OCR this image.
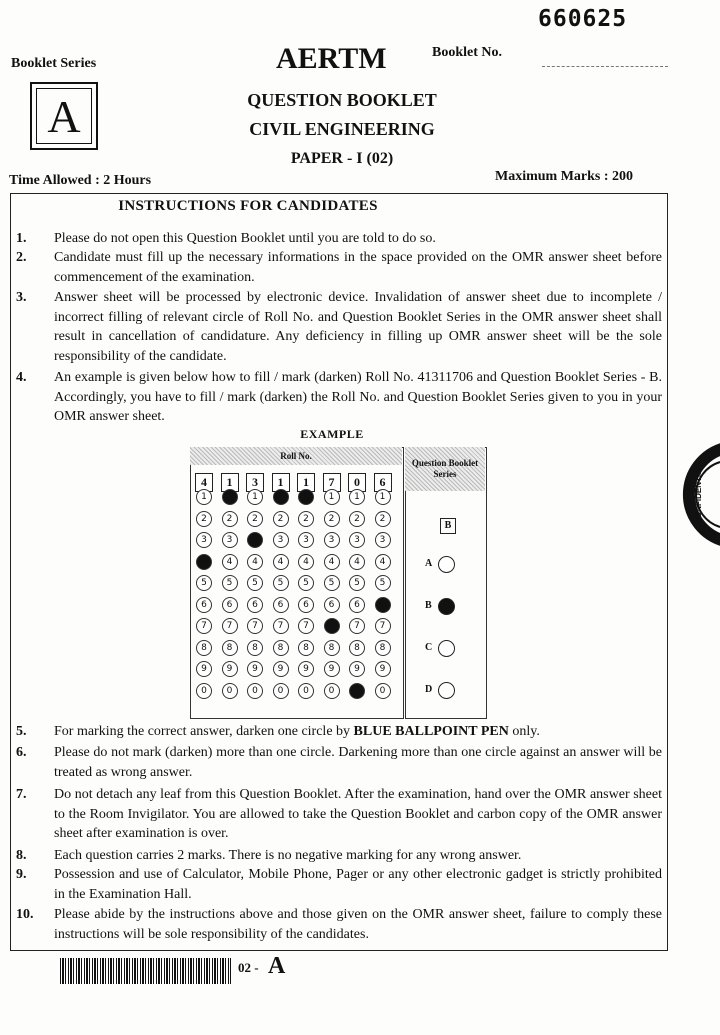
660625
Booklet Series	AERTM	Booklet No.
A	QUESTION BOOKLET
CIVIL ENGINEERING
PAPER - I (02)
Time Allowed : 2 Hours	Maximum Marks : 200
INSTRUCTIONS FOR CANDIDATES
1. Please do not open this Question Booklet until you are told to do so.
2. Candidate must fill up the necessary informations in the space provided on the OMR answer sheet before commencement of the examination.
3. Answer sheet will be processed by electronic device. Invalidation of answer sheet due to incomplete / incorrect filling of relevant circle of Roll No. and Question Booklet Series in the OMR answer sheet shall result in cancellation of candidature. Any deficiency in filling up OMR answer sheet will be the sole responsibility of the candidate.
4. An example is given below how to fill / mark (darken) Roll No. 41311706 and Question Booklet Series - B. Accordingly, you have to fill / mark (darken) the Roll No. and Question Booklet Series given to you in your OMR answer sheet.
EXAMPLE
Roll No.
4
1
2
3
4
5
6
7
8
9
0
1
1
2
3
4
5
6
7
8
9
0
3
1
2
3
4
5
6
7
8
9
0
1
1
2
3
4
5
6
7
8
9
0
1
1
2
3
4
5
6
7
8
9
0
7
1
2
3
4
5
6
7
8
9
0
0
1
2
3
4
5
6
7
8
9
0
6
1
2
3
4
5
6
7
8
9
0
Question Booklet Series
B
A
B
C
D
5. For marking the correct answer, darken one circle by BLUE BALLPOINT PEN only.
6. Please do not mark (darken) more than one circle. Darkening more than one circle against an answer will be treated as wrong answer.
7. Do not detach any leaf from this Question Booklet. After the examination, hand over the OMR answer sheet to the Room Invigilator. You are allowed to take the Question Booklet and carbon copy of the OMR answer sheet after examination is over.
8. Each question carries 2 marks. There is no negative marking for any wrong answer.
9. Possession and use of Calculator, Mobile Phone, Pager or any other electronic gadget is strictly prohibited in the Examination Hall.
10. Please abide by the instructions above and those given on the OMR answer sheet, failure to comply these instructions will be sole responsibility of the candidates.
CONFIDENTIAL
02 - A
